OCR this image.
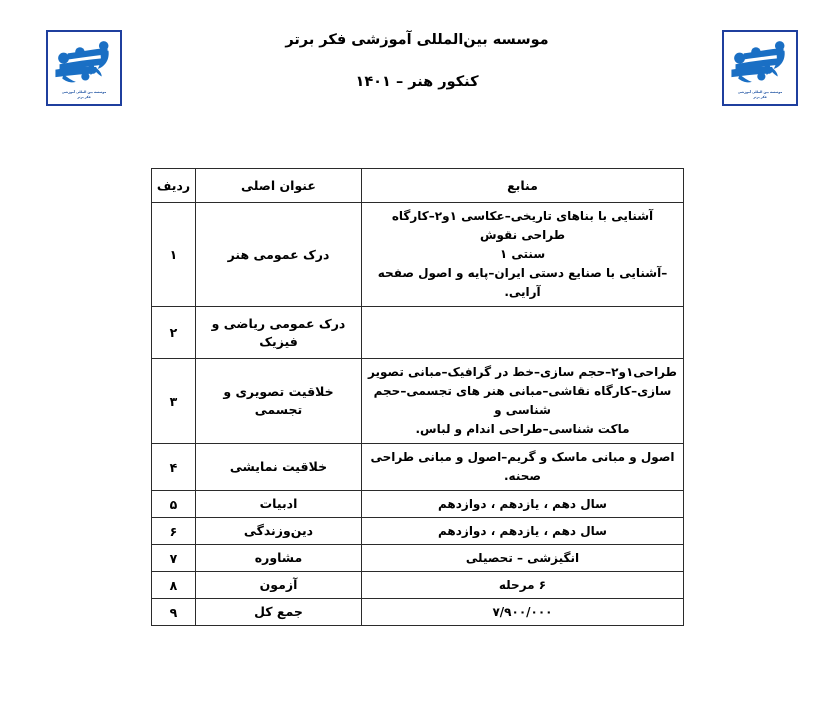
موسسه بین المللی آموزشی
فکر برتر
موسسه بین‌المللی آموزشی فکر برتر
کنکور هنر – ۱۴۰۱
موسسه بین المللی آموزشی
فکر برتر
منابع	عنوان اصلی	ردیف

آشنایی با بناهای تاریخی–عکاسی ۱و۲–کارگاه طراحی نقوش
سنتی ۱
–آشنایی با صنایع دستی ایران–پایه و اصول صفحه آرایی.	درک عمومی هنر	۱

	درک عمومی ریاضی و فیزیک	۲

طراحی۱و۲–حجم سازی–خط در گرافیک–مبانی تصویر
سازی–کارگاه نقاشی–مبانی هنر های تجسمی–حجم شناسی و
ماکت شناسی–طراحی اندام و لباس.	خلاقیت تصویری و تجسمی	۳

اصول و مبانی ماسک و گریم–اصول و مبانی طراحی صحنه.	خلاقیت نمایشی	۴

سال دهم ، یازدهم ، دوازدهم	ادبیات	۵

سال دهم ، یازدهم ، دوازدهم	دین‌وزندگی	۶

انگیزشی – تحصیلی	مشاوره	۷

۶ مرحله	آزمون	۸

۷/۹۰۰/۰۰۰	جمع کل	۹
